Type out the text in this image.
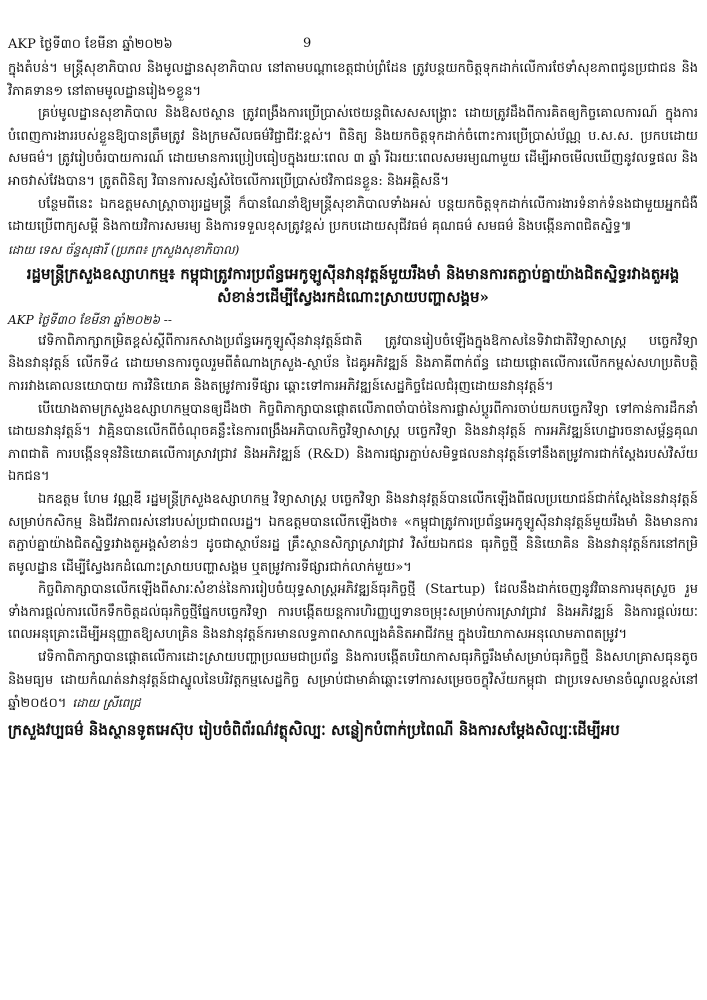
AKP ថ្ងៃទី៣០ ខែមីនា ឆ្នាំ២០២៦	9

ក្នុងតំបន់។ មន្ត្រីសុខាភិបាល និងមូលដ្ឋានសុខាភិបាល នៅតាមបណ្ដាខេត្តជាប់ព្រំដែន ត្រូវបន្តយកចិត្តទុកដាក់លើការថែទាំសុខភាពជូនប្រជាជន និងវិភាគទាន១ នៅតាមមូលដ្ឋានរៀង១ខ្លួន។

គ្រប់មូលដ្ឋានសុខាភិបាល និងឱសថស្ថាន ត្រូវពង្រឹងការប្រើប្រាស់ថេយន្តពិសេសសង្គ្រោះ ដោយត្រូវដឹងពីការគិតឲ្យកិច្ចគោលការណ៍ ក្នុងការបំពេញការងាររបស់ខ្លួនឱ្យបានត្រឹមត្រូវ និងក្រមសីលធម៌វិជ្ជាជីវៈខ្ពស់។ ពិនិត្យ និងយកចិត្តទុកដាក់ចំពោះការប្រើប្រាស់ប័ណ្ណ ប.ស.ស. ប្រកបដោយសមធម៌។ ត្រូវរៀបចំរបាយការណ៍ ដោយមានការប្រៀបធៀបក្នុងរយៈពេល ៣ ឆ្នាំ រីឯរយៈពេលសមរម្យណាមួយ ដើម្បីអាចមើលឃើញនូវលទ្ធផល និងអាចវាស់វែងបាន។ ត្រូតពិនិត្យ វិធានការសន្សំសំចៃលើការប្រើប្រាស់ថវិកាជនខ្លួន: និងអគ្គិសនី។

បន្ថែមពីនេះ ឯកឧត្តមសាស្ត្រាចារ្យរដ្ឋមន្ត្រី ក៏បានណែនាំឱ្យមន្ត្រីសុខាភិបាលទាំងអស់ បន្តយកចិត្តទុកដាក់លើការងារទំនាក់ទំនងជាមួយអ្នកជំងឺដោយប្រើពាក្យសម្ដី និងកាយវិការសមរម្យ និងការទទួលខុសត្រូវខ្ពស់ ប្រកបដោយសុជីវធម៌ គុណធម៌ សមធម៌ និងបង្កើនភាពជិតស្និទ្ធ៕

ដោយ ទេស ច័ន្ទសុផារី (ប្រភព៖ ក្រសួងសុខាភិបាល)

រដ្ឋមន្ត្រីក្រសួងឧស្សាហកម្ម៖ កម្ពុជាត្រូវការប្រព័ន្ធអេកូឡូស៊ីនវានុវត្តន៍មួយរឹងមាំ និងមានការតភ្ជាប់គ្នាយ៉ាងជិតស្និទ្ធរវាងតួអង្គសំខាន់ៗដើម្បីស្វែងរកដំណោះស្រាយបញ្ហាសង្គម»

AKP ថ្ងៃទី៣០ ខែមីនា ឆ្នាំ២០២៦ --

វេទិកាពិភាក្សាកម្រិតខ្ពស់ស្ដីពីការកសាងប្រព័ន្ធអេកូឡូស៊ីនវានុវត្តន៍ជាតិ ត្រូវបានរៀបចំឡើងក្នុងឱកាសនៃទិវាជាតិវិទ្យាសាស្ត្រ បច្ចេកវិទ្យា និងនវានុវត្តន៍ លើកទី៤ ដោយមានការចូលរួមពីតំណាងក្រសួង-ស្ថាប័ន ដៃគូអភិវឌ្ឍន៍ និងភាគីពាក់ព័ន្ធ ដោយផ្ដោតលើការលើកកម្ពស់សហប្រតិបត្តិការរវាងគោលនយោបាយ ការវិនិយោគ និងតម្រូវការទីផ្សារ ឆ្ពោះទៅការអភិវឌ្ឍន៍សេដ្ឋកិច្ចដែលជំរុញដោយនវានុវត្តន៍។

បើយោងតាមក្រសួងឧស្សាហកម្មបានឲ្យដឹងថា កិច្ចពិភាក្សាបានផ្ដោតលើភាពចាំបាច់នៃការផ្លាស់ប្ដូរពីការចាប់យកបច្ចេកវិទ្យា ទៅកាន់ការដឹកនាំដោយនវានុវត្តន៍។ វាគ្មិនបានលើកពីចំណុចគន្លឹះនៃការពង្រឹងអភិបាលកិច្ចវិទ្យាសាស្ត្រ បច្ចេកវិទ្យា និងនវានុវត្តន៍ ការអភិវឌ្ឍន៍ហេដ្ឋារចនាសម្ព័ន្ធគុណភាពជាតិ ការបង្កើនទុនវិនិយោគលើការស្រាវជ្រាវ និងអភិវឌ្ឍន៍ (R&D) និងការផ្សារភ្ជាប់សមិទ្ធផលនវានុវត្តន៍ទៅនឹងតម្រូវការជាក់ស្ដែងរបស់វិស័យឯកជន។

ឯកឧត្តម ហែម វណ្ណឌី រដ្ឋមន្ត្រីក្រសួងឧស្សាហកម្ម វិទ្យាសាស្ត្រ បច្ចេកវិទ្យា និងនវានុវត្តន៍បានលើកឡើងពីផលប្រយោជន៍ជាក់ស្ដែងនៃនវានុវត្តន៍សម្រាប់កសិកម្ម និងជីវភាពរស់នៅរបស់ប្រជាពលរដ្ឋ។ ឯកឧត្តមបានលើកឡើងថា៖ «កម្ពុជាត្រូវការប្រព័ន្ធអេកូឡូស៊ីនវានុវត្តន៍មួយរឹងមាំ និងមានការតភ្ជាប់គ្នាយ៉ាងជិតស្និទ្ធរវាងតួអង្គសំខាន់ៗ ដូចជាស្ថាប័នរដ្ឋ គ្រឹះស្ថានសិក្សាស្រាវជ្រាវ វិស័យឯកជន ធុរកិច្ចថ្មី និនិយោគិន និងនវានុវត្តន៍ករនៅកម្រិតមូលដ្ឋាន ដើម្បីស្វែងរកដំណោះស្រាយបញ្ហាសង្គម ឬតម្រូវការទីផ្សារជាក់លាក់មួយ»។

កិច្ចពិភាក្សាបានលើកឡើងពីសារៈសំខាន់នៃការរៀបចំយុទ្ធសាស្ត្រអភិវឌ្ឍន៍ធុរកិច្ចថ្មី (Startup) ដែលនឹងដាក់ចេញនូវវិធានការមុតស្រួច រួមទាំងការផ្ដល់ការលើកទឹកចិត្តដល់ធុរកិច្ចថ្មីផ្នែកបច្ចេកវិទ្យា ការបង្កើតយន្តការហិរញ្ញប្បទានចម្រុះសម្រាប់ការស្រាវជ្រាវ និងអភិវឌ្ឍន៍ និងការផ្ដល់រយៈពេលអនុគ្រោះដើម្បីអនុញ្ញាតឱ្យសហគ្រិន និងនវានុវត្តន៍ករមានលទ្ធភាពសាកល្បងគំនិតអាជីវកម្ម ក្នុងបរិយាកាសអនុលោមភាពតម្រូវ។

វេទិកាពិភាក្សាបានផ្ដោតលើការដោះស្រាយបញ្ហាប្រឈមជាប្រព័ន្ធ និងការបង្កើតបរិយាកាសធុរកិច្ចរឹងមាំសម្រាប់ធុរកិច្ចថ្មី និងសហគ្រាសធុនតូច និងមធ្យម ដោយកំណត់នវានុវត្តន៍ជាស្នូលនៃបរិវត្តកម្មសេដ្ឋកិច្ច សម្រាប់ជាមាគ៌ាឆ្ពោះទៅការសម្រេចចក្ខុវិស័យកម្ពុជា ជាប្រទេសមានចំណូលខ្ពស់នៅឆ្នាំ២០៥០។ ដោយ ស្រីពេជ្រ

ក្រសួងវប្បធម៌ និងស្ថានទូតអេស៊ុប រៀបចំពិព័រណ៌វត្ថុសិល្បៈ សន្លៀកបំពាក់ប្រពៃណី និងការសម្ដែងសិល្បៈដើម្បីអប
